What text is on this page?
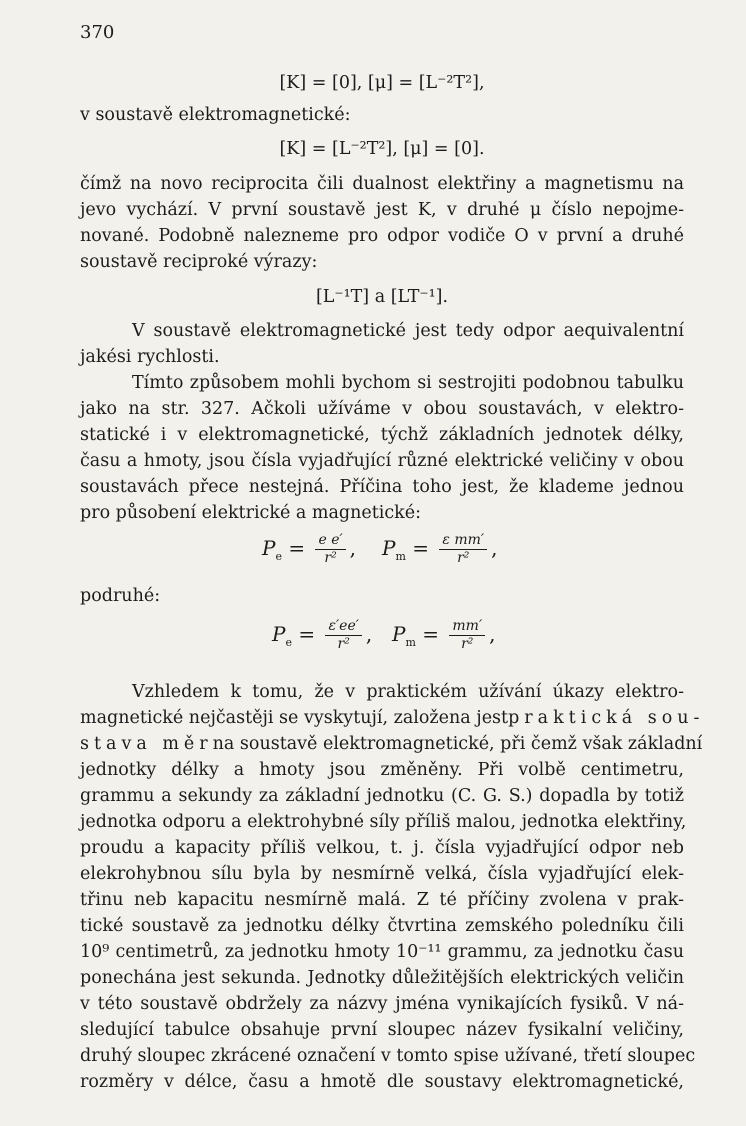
370
[K] = [0], [μ] = [L⁻²T²],
v soustavě elektromagnetické:
[K] = [L⁻²T²], [μ] = [0].
čímž na novo reciprocita čili dualnost elektřiny a magnetismu na
jevo vychází. V první soustavě jest K, v druhé μ číslo nepojme-
nované. Podobně nalezneme pro odpor vodiče O v první a druhé
soustavě reciproké výrazy:
[L⁻¹T] a [LT⁻¹].
V soustavě elektromagnetické jest tedy odpor aequivalentní
jakési rychlosti.
Tímto způsobem mohli bychom si sestrojiti podobnou tabulku
jako na str. 327. Ačkoli užíváme v obou soustavách, v elektro-
statické i v elektromagnetické, týchž základních jednotek délky,
času a hmoty, jsou čísla vyjadřující různé elektrické veličiny v obou
soustavách přece nestejná. Příčina toho jest, že klademe jednou
pro působení elektrické a magnetické:
$P_e = \frac{\text{e e′}}{\text{r²}}$ , $P_m = \frac{\text{ε mm′}}{\text{r²}}$ ,
podruhé:
$P_e = \frac{\varepsilon'ee'}{\text{r²}}$ , $P_m = \frac{mm'}{\text{r²}}$ ,
Vzhledem k tomu, že v praktickém užívání úkazy elektro-
magnetické nejčastěji se vyskytují, založena jest praktická sou-
stava měr na soustavě elektromagnetické, při čemž však základní
jednotky délky a hmoty jsou změněny. Při volbě centimetru,
grammu a sekundy za základní jednotku (C. G. S.) dopadla by totiž
jednotka odporu a elektrohybné síly příliš malou, jednotka elektřiny,
proudu a kapacity příliš velkou, t. j. čísla vyjadřující odpor neb
elekrohybnou sílu byla by nesmírně velká, čísla vyjadřující elek-
třinu neb kapacitu nesmírně malá. Z té příčiny zvolena v prak-
tické soustavě za jednotku délky čtvrtina zemského poledníku čili
10⁹ centimetrů, za jednotku hmoty 10⁻¹¹ grammu, za jednotku času
ponechána jest sekunda. Jednotky důležitějších elektrických veličin
v této soustavě obdržely za názvy jména vynikajících fysiků. V ná-
sledující tabulce obsahuje první sloupec název fysikalní veličiny,
druhý sloupec zkrácené označení v tomto spise užívané, třetí sloupec
rozměry v délce, času a hmotě dle soustavy elektromagnetické,
